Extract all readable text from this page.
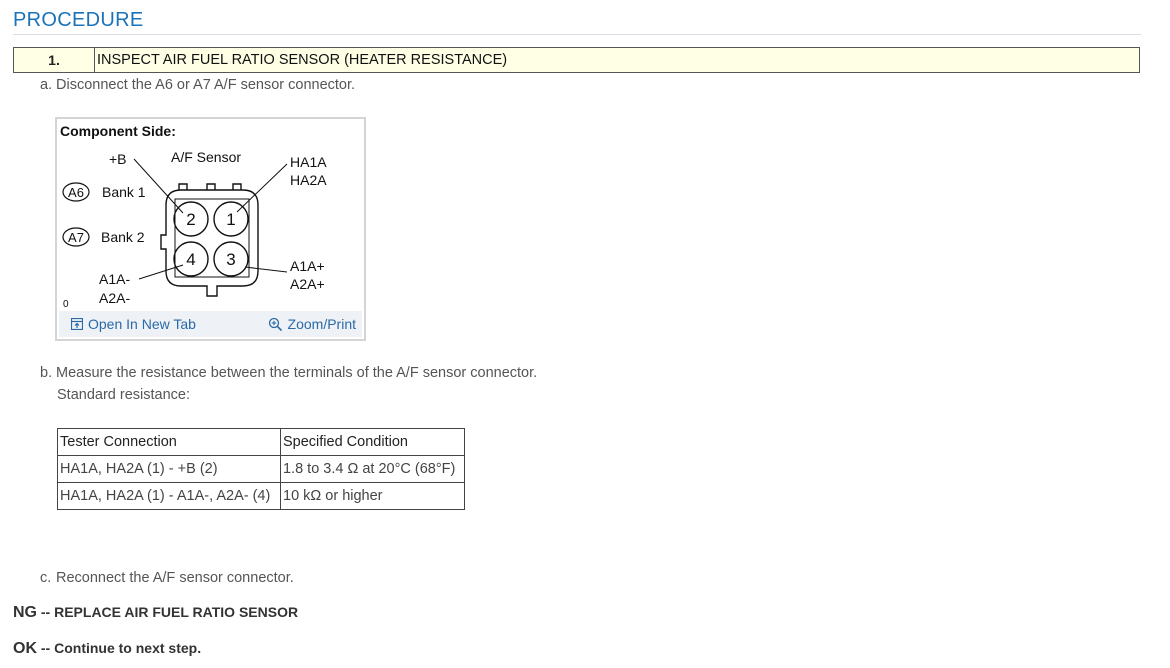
PROCEDURE
1.	INSPECT AIR FUEL RATIO SENSOR (HEATER RESISTANCE)
a. Disconnect the A6 or A7 A/F sensor connector.
Component Side:
+B	A/F Sensor	HA1A
HA2A
A6 Bank 1
A7 Bank 2
A1A-
A2A-
A1A+
A2A+
0
2 1
4 3
Open In New Tab	Zoom/Print
b. Measure the resistance between the terminals of the A/F sensor connector.
Standard resistance:
Tester Connection	Specified Condition
HA1A, HA2A (1) - +B (2)	1.8 to 3.4 Ω at 20°C (68°F)
HA1A, HA2A (1) - A1A-, A2A- (4)	10 kΩ or higher
c. Reconnect the A/F sensor connector.
NG -- REPLACE AIR FUEL RATIO SENSOR
OK -- Continue to next step.
